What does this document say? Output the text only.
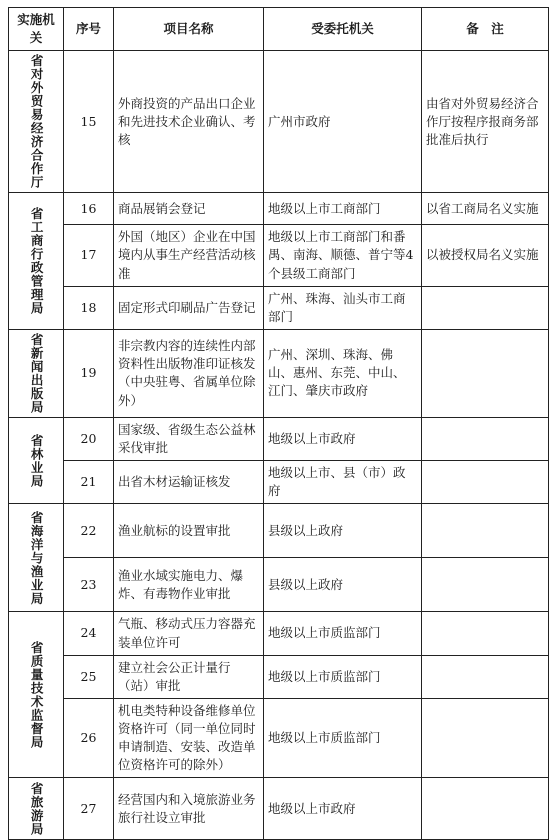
实施机关	序号	项目名称	受委托机关	备　注
省对外贸易经济合作厅	15	外商投资的产品出口企业和先进技术企业确认、考核	广州市政府	由省对外贸易经济合作厅按程序报商务部批准后执行
省工商行政管理局	16	商品展销会登记	地级以上市工商部门	以省工商局名义实施
	17	外国（地区）企业在中国境内从事生产经营活动核准	地级以上市工商部门和番禺、南海、顺德、普宁等4个县级工商部门	以被授权局名义实施
	18	固定形式印刷品广告登记	广州、珠海、汕头市工商部门	
省新闻出版局	19	非宗教内容的连续性内部资料性出版物准印证核发（中央驻粤、省属单位除外）	广州、深圳、珠海、佛山、惠州、东莞、中山、江门、肇庆市政府	
省林业局	20	国家级、省级生态公益林采伐审批	地级以上市政府	
	21	出省木材运输证核发	地级以上市、县（市）政府	
省海洋与渔业局	22	渔业航标的设置审批	县级以上政府	
	23	渔业水域实施电力、爆炸、有毒物作业审批	县级以上政府	
省质量技术监督局	24	气瓶、移动式压力容器充装单位许可	地级以上市质监部门	
	25	建立社会公正计量行（站）审批	地级以上市质监部门	
	26	机电类特种设备维修单位资格许可（同一单位同时申请制造、安装、改造单位资格许可的除外）	地级以上市质监部门	
省旅游局	27	经营国内和入境旅游业务旅行社设立审批	地级以上市政府	
